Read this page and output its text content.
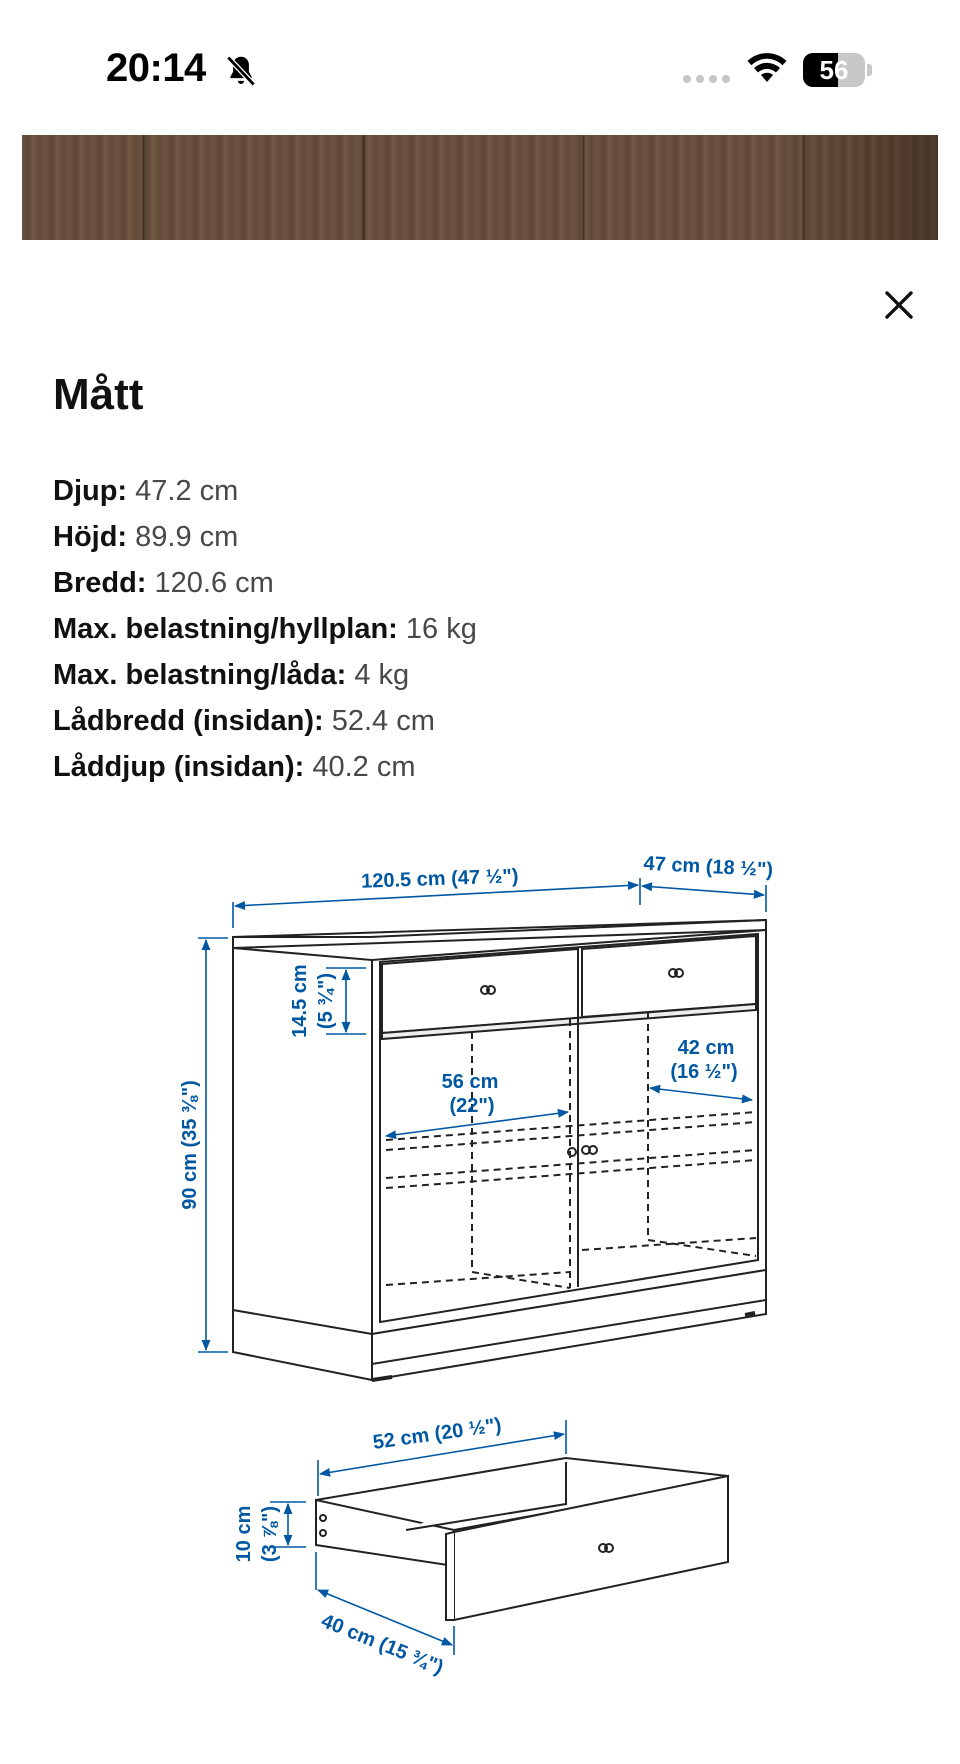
20:14	56
Mått
Djup: 47.2 cm
Höjd: 89.9 cm
Bredd: 120.6 cm
Max. belastning/hyllplan: 16 kg
Max. belastning/låda: 4 kg
Lådbredd (insidan): 52.4 cm
Låddjup (insidan): 40.2 cm
120.5 cm (47 ½")	47 cm (18 ½")
90 cm (35 ⅜")
14.5 cm (5 ¾")
56 cm
(22")
42 cm
(16 ½")
52 cm (20 ½")
10 cm (3 ⅞")
40 cm (15 ¾")
